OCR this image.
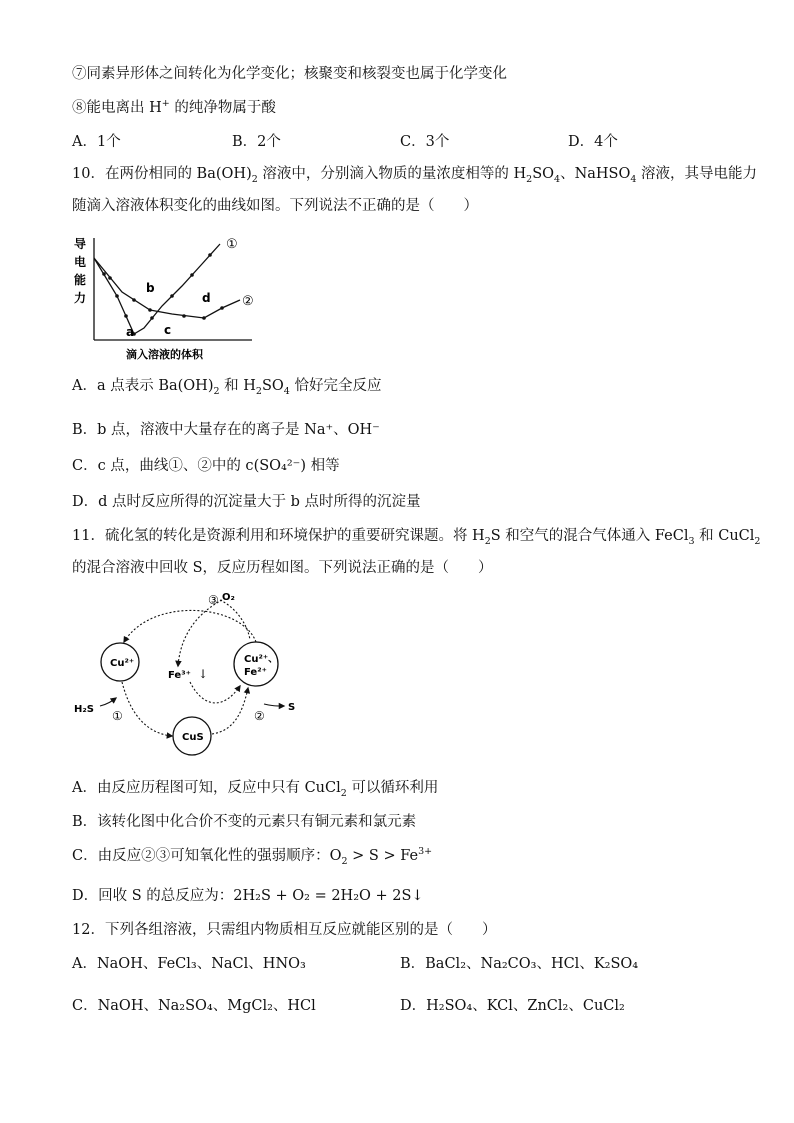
⑦同素异形体之间转化为化学变化；核聚变和核裂变也属于化学变化
⑧能电离出 H+ 的纯净物属于酸
A．1个	B．2个	C．3个	D．4个
10．在两份相同的 $Ba(OH)_2$ 溶液中，分别滴入物质的量浓度相等的 $H_2SO_4$、NaHSO$_4$ 溶液，其导电能力
随滴入溶液体积变化的曲线如图。下列说法不正确的是（　　）
导
电
能
力
①
②
a
b
c
d
滴入溶液的体积
A．a 点表示 $Ba(OH)_2$ 和 $H_2SO_4$ 恰好完全反应
B．b 点，溶液中大量存在的离子是 Na⁺、OH⁻
C．c 点，曲线①、②中的 c(SO₄²⁻) 相等
D．d 点时反应所得的沉淀量大于 b 点时所得的沉淀量
11．硫化氢的转化是资源利用和环境保护的重要研究课题。将 $H_2S$ 和空气的混合气体通入 FeCl$_3$ 和 CuCl$_2$
的混合溶液中回收 S，反应历程如图。下列说法正确的是（　　）
Cu²⁺
CuS
Cu²⁺、
Fe²⁺
Fe³⁺ ↓
③ O₂
H₂S ①	②
S
A．由反应历程图可知，反应中只有 CuCl$_2$ 可以循环利用
B．该转化图中化合价不变的元素只有铜元素和氯元素
C．由反应②③可知氧化性的强弱顺序：$O_2 > S > Fe^{3+}$
D．回收 S 的总反应为：2H₂S + O₂ = 2H₂O + 2S↓
12．下列各组溶液，只需组内物质相互反应就能区别的是（　　）
A．NaOH、FeCl₃、NaCl、HNO₃	B．BaCl₂、Na₂CO₃、HCl、K₂SO₄
C．NaOH、Na₂SO₄、MgCl₂、HCl	D．H₂SO₄、KCl、ZnCl₂、CuCl₂
